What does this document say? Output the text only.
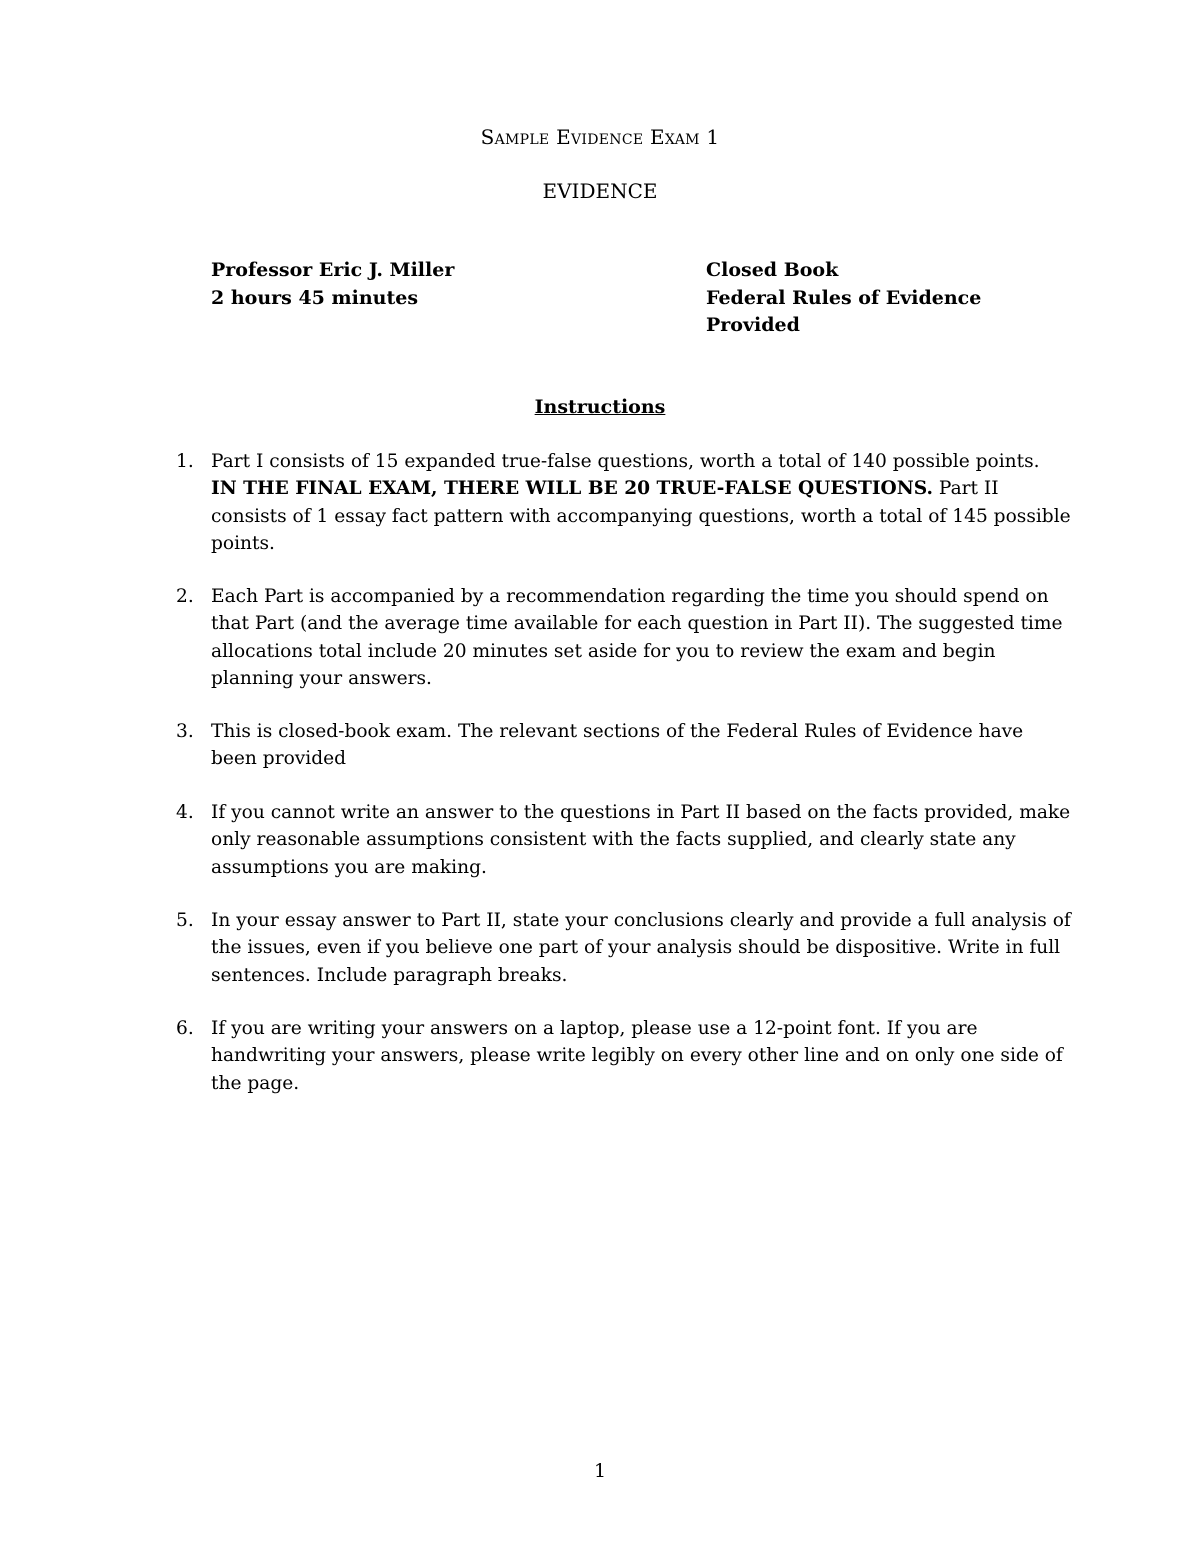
Sample Evidence Exam 1
EVIDENCE
Professor Eric J. Miller
2 hours 45 minutes
Closed Book
Federal Rules of Evidence
Provided
Instructions
1. Part I consists of 15 expanded true-false questions, worth a total of 140 possible points. IN THE FINAL EXAM, THERE WILL BE 20 TRUE-FALSE QUESTIONS. Part II consists of 1 essay fact pattern with accompanying questions, worth a total of 145 possible points.
2. Each Part is accompanied by a recommendation regarding the time you should spend on that Part (and the average time available for each question in Part II). The suggested time allocations total include 20 minutes set aside for you to review the exam and begin planning your answers.
3. This is closed-book exam. The relevant sections of the Federal Rules of Evidence have been provided
4. If you cannot write an answer to the questions in Part II based on the facts provided, make only reasonable assumptions consistent with the facts supplied, and clearly state any assumptions you are making.
5. In your essay answer to Part II, state your conclusions clearly and provide a full analysis of the issues, even if you believe one part of your analysis should be dispositive. Write in full sentences. Include paragraph breaks.
6. If you are writing your answers on a laptop, please use a 12-point font. If you are handwriting your answers, please write legibly on every other line and on only one side of the page.
1
